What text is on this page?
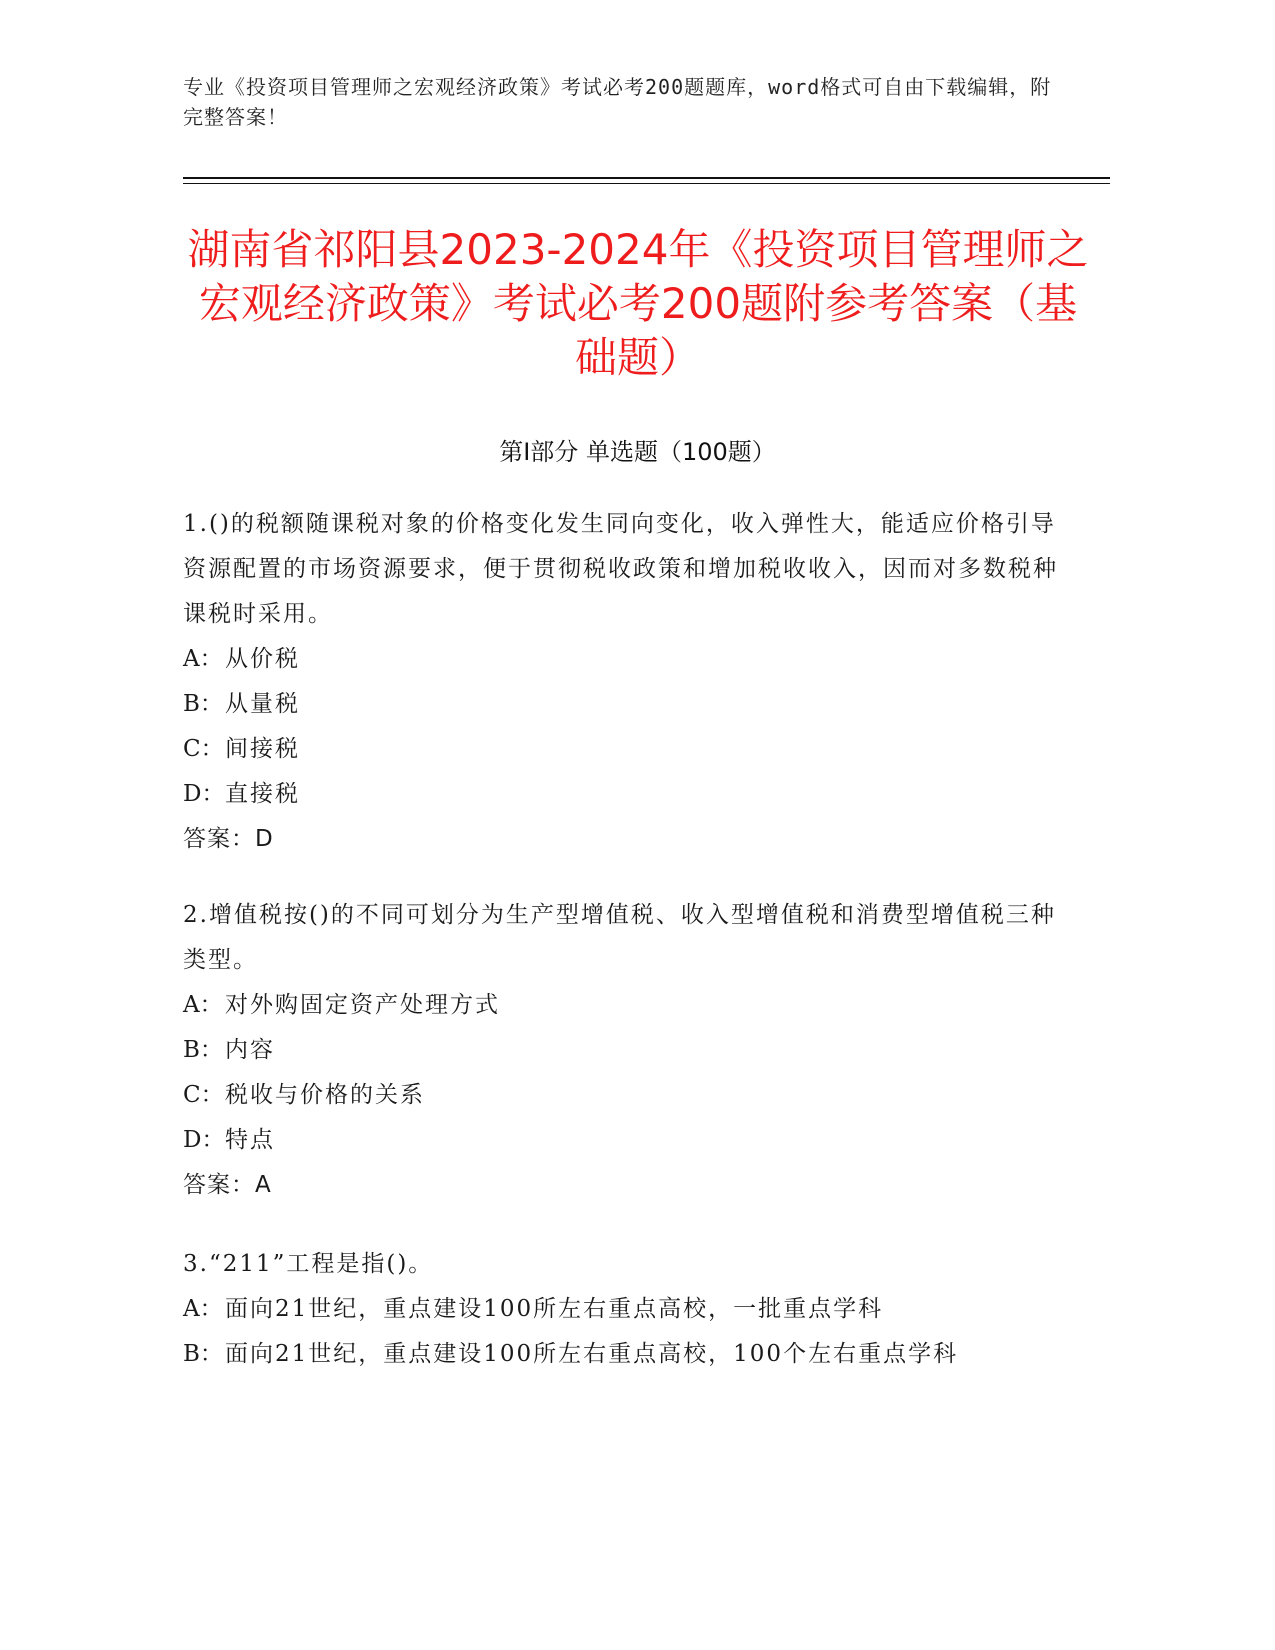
专业《投资项目管理师之宏观经济政策》考试必考200题题库，word格式可自由下载编辑，附完整答案！
湖南省祁阳县2023-2024年《投资项目管理师之宏观经济政策》考试必考200题附参考答案（基础题）
第Ⅰ部分 单选题（100题）

1.()的税额随课税对象的价格变化发生同向变化，收入弹性大，能适应价格引导资源配置的市场资源要求，便于贯彻税收政策和增加税收收入，因而对多数税种课税时采用。

A： 从价税

B：从量税

C：间接税

D：直接税

答案：D

2.增值税按()的不同可划分为生产型增值税、收入型增值税和消费型增值税三种类型。

A： 对外购固定资产处理方式

B：内容

C：税收与价格的关系

D：特点

答案：A

3.“211”工程是指()。

A： 面向21世纪，重点建设100所左右重点高校，一批重点学科

B：面向21世纪，重点建设100所左右重点高校，100个左右重点学科
